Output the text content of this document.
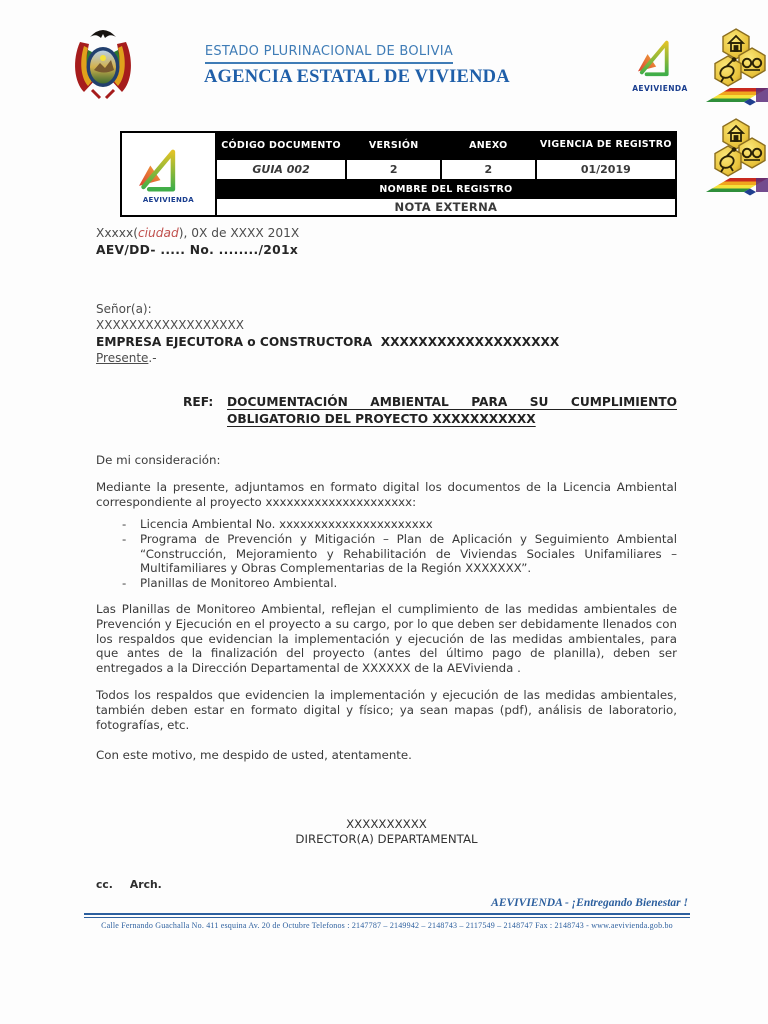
ESTADO PLURINACIONAL DE BOLIVIA
AGENCIA ESTATAL DE VIVIENDA
AEVIVIENDA
AEVIVIENDA	CÓDIGO DOCUMENTO	VERSIÓN	ANEXO	VIGENCIA DE REGISTRO
	GUIA 002	2	2	01/2019
	NOMBRE DEL REGISTRO			
	NOTA EXTERNA			
Xxxxx(ciudad), 0X de XXXX 201X
AEV/DD- ..... No. ......../201x
Señor(a):
XXXXXXXXXXXXXXXXXX
EMPRESA EJECUTORA o CONSTRUCTORA  XXXXXXXXXXXXXXXXXXX
Presente.-
REF:	DOCUMENTACIÓN AMBIENTAL PARA SU CUMPLIMIENTO OBLIGATORIO DEL PROYECTO XXXXXXXXXXX
De mi consideración:
Mediante la presente, adjuntamos en formato digital los documentos de la Licencia Ambiental correspondiente al proyecto xxxxxxxxxxxxxxxxxxxxx:
- Licencia Ambiental No. xxxxxxxxxxxxxxxxxxxxxx
- Programa de Prevención y Mitigación – Plan de Aplicación y Seguimiento Ambiental “Construcción, Mejoramiento y Rehabilitación de Viviendas Sociales Unifamiliares – Multifamiliares y Obras Complementarias de la Región XXXXXXX”.
- Planillas de Monitoreo Ambiental.
Las Planillas de Monitoreo Ambiental, reflejan el cumplimiento de las medidas ambientales de Prevención y Ejecución en el proyecto a su cargo, por lo que deben ser debidamente llenados con los respaldos que evidencian la implementación y ejecución de las medidas ambientales, para que antes de la finalización del proyecto (antes del último pago de planilla), deben ser entregados a la Dirección Departamental de XXXXXX de la AEVivienda .
Todos los respaldos que evidencien la implementación y ejecución de las medidas ambientales, también deben estar en formato digital y físico; ya sean mapas (pdf), análisis de laboratorio, fotografías, etc.
Con este motivo, me despido de usted, atentamente.
XXXXXXXXXX
DIRECTOR(A) DEPARTAMENTAL
cc. Arch.
AEVIVIENDA - ¡Entregando Bienestar !
Calle Fernando Guachalla No. 411 esquina Av. 20 de Octubre Telefonos : 2147787 – 2149942 – 2148743 – 2117549 – 2148747 Fax : 2148743 - www.aevivienda.gob.bo
